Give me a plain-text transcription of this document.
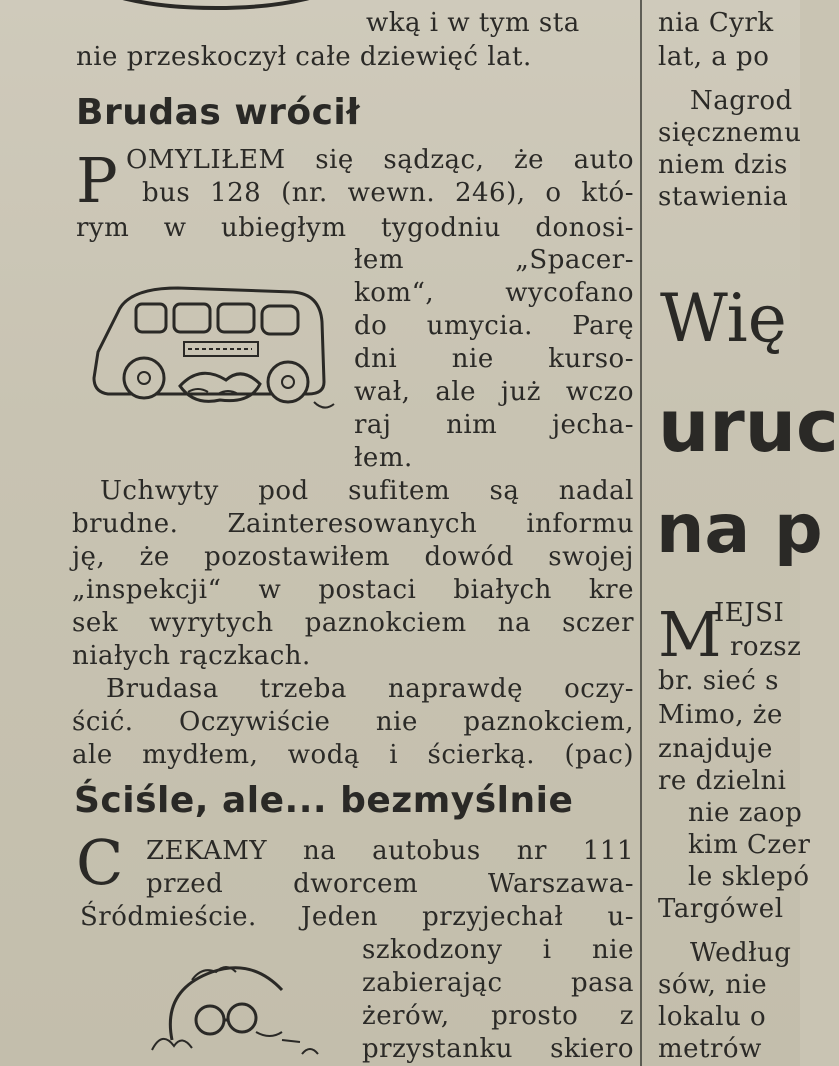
wką i w tym sta
nie przeskoczył całe dziewięć lat.
Brudas wrócił
P OMYLIŁEM się sądząc, że auto
bus 128 (nr. wewn. 246), o któ-
rym w ubiegłym tygodniu donosi-
łem „Spacer-
kom“, wycofano
do umycia. Parę
dni nie kurso-
wał, ale już wczo
raj nim jecha-
łem.
Uchwyty pod sufitem są nadal
brudne. Zainteresowanych informu
ję, że pozostawiłem dowód swojej
„inspekcji“ w postaci białych kre
sek wyrytych paznokciem na sczer
niałych rączkach.
Brudasa trzeba naprawdę oczy-
ścić. Oczywiście nie paznokciem,
ale mydłem, wodą i ścierką. (pac)
Ściśle, ale... bezmyślnie
C ZEKAMY na autobus nr 111
przed dworcem Warszawa-
Śródmieście. Jeden przyjechał u-
szkodzony i nie
zabierając pasa
żerów, prosto z
przystanku skiero
nia Cyrk
lat, a po
Nagrod
sięcznemu
niem dzis
stawienia
Wię
uruc
na p
M
IEJSI
rozsz
br. sieć s
Mimo, że
znajduje
re dzielni
nie zaop
kim Czer
le sklepó
Targówel
Według
sów, nie
lokalu o
metrów
